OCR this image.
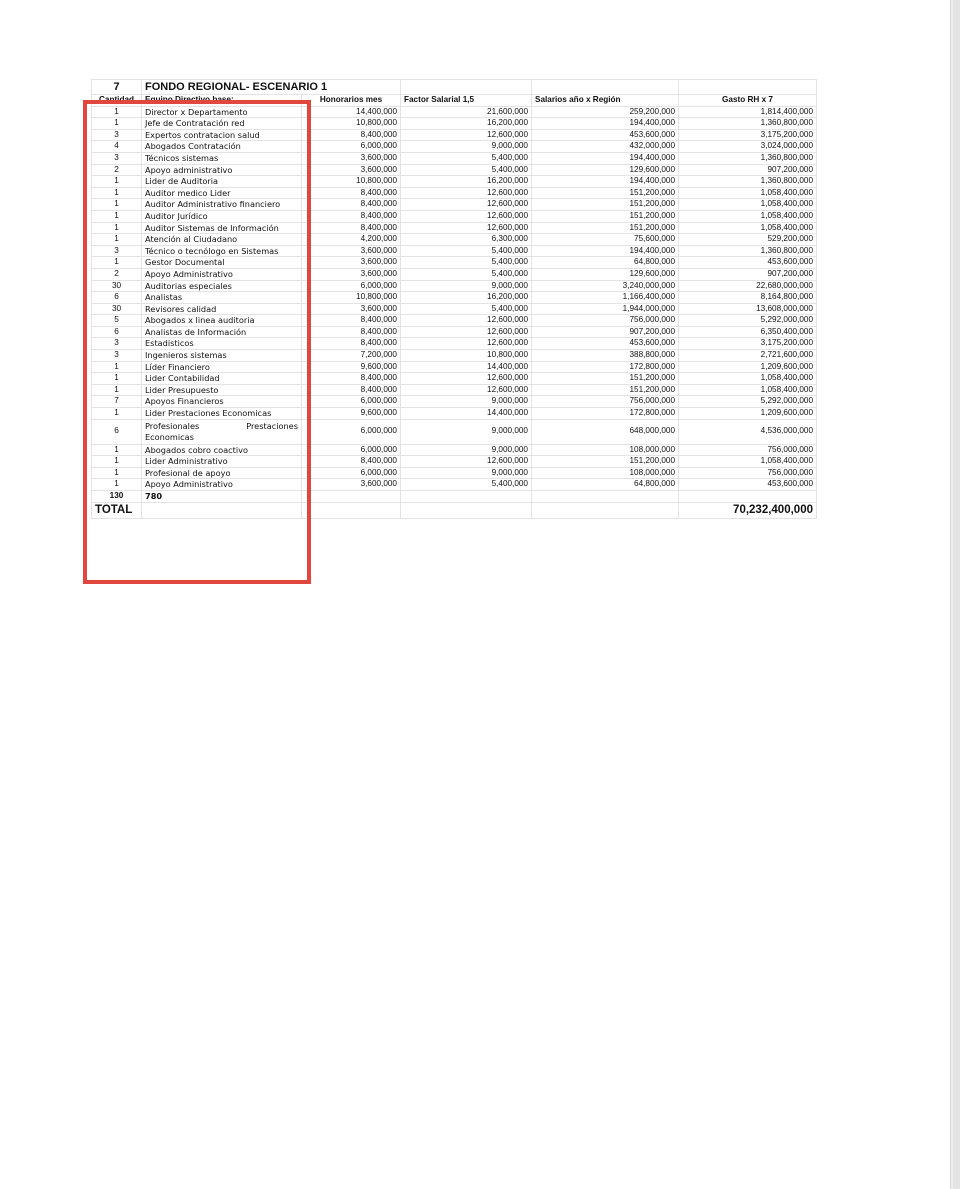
7	FONDO REGIONAL- ESCENARIO 1				
Cantidad	Equipo Directivo base:	Honorarios mes	Factor Salarial 1,5	Salarios año x Región	Gasto RH x 7
1	Director x Departamento	14,400,000	21,600,000	259,200,000	1,814,400,000
1	Jefe de Contratación red	10,800,000	16,200,000	194,400,000	1,360,800,000
3	Expertos contratacion salud	8,400,000	12,600,000	453,600,000	3,175,200,000
4	Abogados Contratación	6,000,000	9,000,000	432,000,000	3,024,000,000
3	Técnicos sistemas	3,600,000	5,400,000	194,400,000	1,360,800,000
2	Apoyo administrativo	3,600,000	5,400,000	129,600,000	907,200,000
1	Lider de Auditoria	10,800,000	16,200,000	194,400,000	1,360,800,000
1	Auditor medico Lider	8,400,000	12,600,000	151,200,000	1,058,400,000
1	Auditor Administrativo financiero	8,400,000	12,600,000	151,200,000	1,058,400,000
1	Auditor Jurídico	8,400,000	12,600,000	151,200,000	1,058,400,000
1	Auditor Sistemas de Información	8,400,000	12,600,000	151,200,000	1,058,400,000
1	Atención al Ciudadano	4,200,000	6,300,000	75,600,000	529,200,000
3	Técnico o tecnólogo en Sistemas	3,600,000	5,400,000	194,400,000	1,360,800,000
1	Gestor Documental	3,600,000	5,400,000	64,800,000	453,600,000
2	Apoyo Administrativo	3,600,000	5,400,000	129,600,000	907,200,000
30	Auditorias especiales	6,000,000	9,000,000	3,240,000,000	22,680,000,000
6	Analistas	10,800,000	16,200,000	1,166,400,000	8,164,800,000
30	Revisores calidad	3,600,000	5,400,000	1,944,000,000	13,608,000,000
5	Abogados x linea auditoria	8,400,000	12,600,000	756,000,000	5,292,000,000
6	Analistas de Información	8,400,000	12,600,000	907,200,000	6,350,400,000
3	Estadisticos	8,400,000	12,600,000	453,600,000	3,175,200,000
3	Ingenieros sistemas	7,200,000	10,800,000	388,800,000	2,721,600,000
1	Líder Financiero	9,600,000	14,400,000	172,800,000	1,209,600,000
1	Lider Contabilidad	8,400,000	12,600,000	151,200,000	1,058,400,000
1	Lider Presupuesto	8,400,000	12,600,000	151,200,000	1,058,400,000
7	Apoyos Financieros	6,000,000	9,000,000	756,000,000	5,292,000,000
1	Lider Prestaciones Economicas	9,600,000	14,400,000	172,800,000	1,209,600,000
6	Profesionales Prestaciones
Economicas	6,000,000	9,000,000	648,000,000	4,536,000,000
1	Abogados cobro coactivo	6,000,000	9,000,000	108,000,000	756,000,000
1	Lider Administrativo	8,400,000	12,600,000	151,200,000	1,058,400,000
1	Profesional de apoyo	6,000,000	9,000,000	108,000,000	756,000,000
1	Apoyo Administrativo	3,600,000	5,400,000	64,800,000	453,600,000
130	780				
TOTAL					70,232,400,000
